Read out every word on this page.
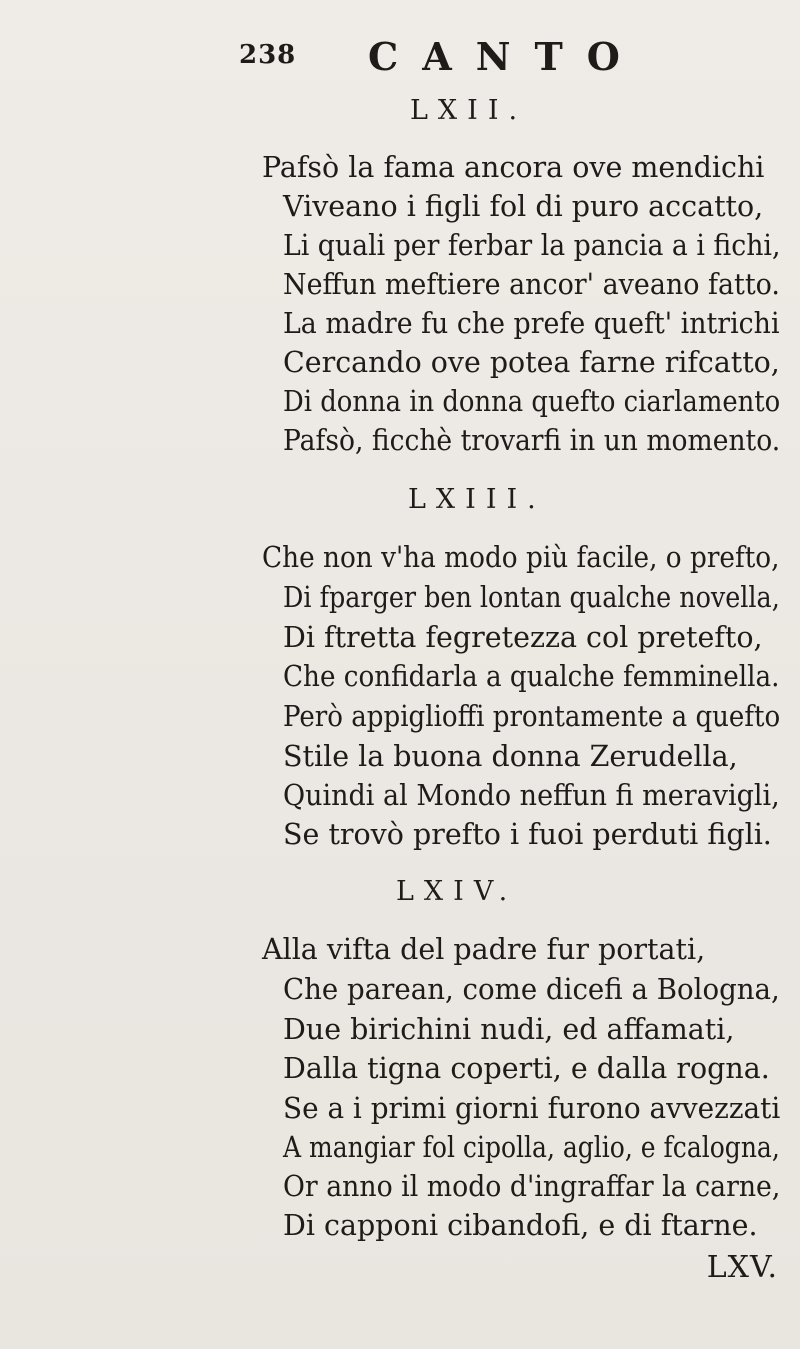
238 CANTO
LXII.
Pafsò la fama ancora ove mendichi
Viveano i figli fol di puro accatto,
Li quali per ferbar la pancia a i fichi,
Neffun meftiere ancor' aveano fatto.
La madre fu che prefe queft' intrichi
Cercando ove potea farne rifcatto,
Di donna in donna quefto ciarlamento
Pafsò, ficchè trovarfi in un momento.
LXIII.
Che non v'ha modo più facile, o prefto,
Di fparger ben lontan qualche novella,
Di ftretta fegretezza col pretefto,
Che confidarla a qualche femminella.
Però appiglioffi prontamente a quefto
Stile la buona donna Zerudella,
Quindi al Mondo neffun fi meravigli,
Se trovò prefto i fuoi perduti figli.
LXIV.
Alla vifta del padre fur portati,
Che parean, come dicefi a Bologna,
Due birichini nudi, ed affamati,
Dalla tigna coperti, e dalla rogna.
Se a i primi giorni furono avvezzati
A mangiar fol cipolla, aglio, e fcalogna,
Or anno il modo d'ingraffar la carne,
Di capponi cibandofi, e di ftarne.
LXV.
